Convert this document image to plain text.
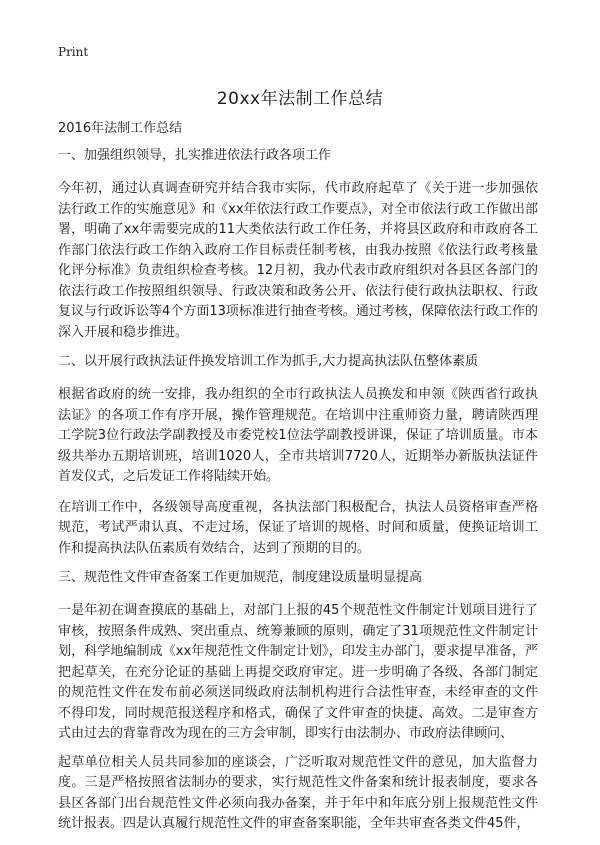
Print
20xx年法制工作总结

2016年法制工作总结

一、加强组织领导，扎实推进依法行政各项工作

今年初，通过认真调查研究并结合我市实际，代市政府起草了《关于进一步加强依法行政工作的实施意见》和《xx年依法行政工作要点》，对全市依法行政工作做出部署，明确了xx年需要完成的11大类依法行政工作任务，并将县区政府和市政府各工作部门依法行政工作纳入政府工作目标责任制考核，由我办按照《依法行政考核量化评分标准》负责组织检查考核。12月初，我办代表市政府组织对各县区各部门的依法行政工作按照组织领导、行政决策和政务公开、依法行使行政执法职权、行政复议与行政诉讼等4个方面13项标准进行抽查考核。通过考核，保障依法行政工作的深入开展和稳步推进。

二、以开展行政执法证件换发培训工作为抓手,大力提高执法队伍整体素质

根据省政府的统一安排，我办组织的全市行政执法人员换发和申领《陕西省行政执法证》的各项工作有序开展，操作管理规范。在培训中注重师资力量，聘请陕西理工学院3位行政法学副教授及市委党校1位法学副教授讲课，保证了培训质量。市本级共举办五期培训班，培训1020人，全市共培训7720人，近期举办新版执法证件首发仪式，之后发证工作将陆续开始。

在培训工作中，各级领导高度重视，各执法部门积极配合，执法人员资格审查严格规范，考试严肃认真、不走过场，保证了培训的规格、时间和质量，使换证培训工作和提高执法队伍素质有效结合，达到了预期的目的。

三、规范性文件审查备案工作更加规范，制度建设质量明显提高

一是年初在调查摸底的基础上，对部门上报的45个规范性文件制定计划项目进行了审核，按照条件成熟、突出重点、统筹兼顾的原则，确定了31项规范性文件制定计划，科学地编制成《xx年规范性文件制定计划》，印发主办部门，要求提早准备，严把起草关，在充分论证的基础上再提交政府审定。进一步明确了各级、各部门制定的规范性文件在发布前必须送同级政府法制机构进行合法性审查，未经审查的文件不得印发，同时规范报送程序和格式，确保了文件审查的快捷、高效。二是审查方式由过去的背靠背改为现在的三方会审制，即实行由法制办、市政府法律顾问、

起草单位相关人员共同参加的座谈会，广泛听取对规范性文件的意见，加大监督力度。三是严格按照省法制办的要求，实行规范性文件备案和统计报表制度，要求各县区各部门出台规范性文件必须向我办备案，并于年中和年底分别上报规范性文件统计报表。四是认真履行规范性文件的审查备案职能，全年共审查各类文件45件，
